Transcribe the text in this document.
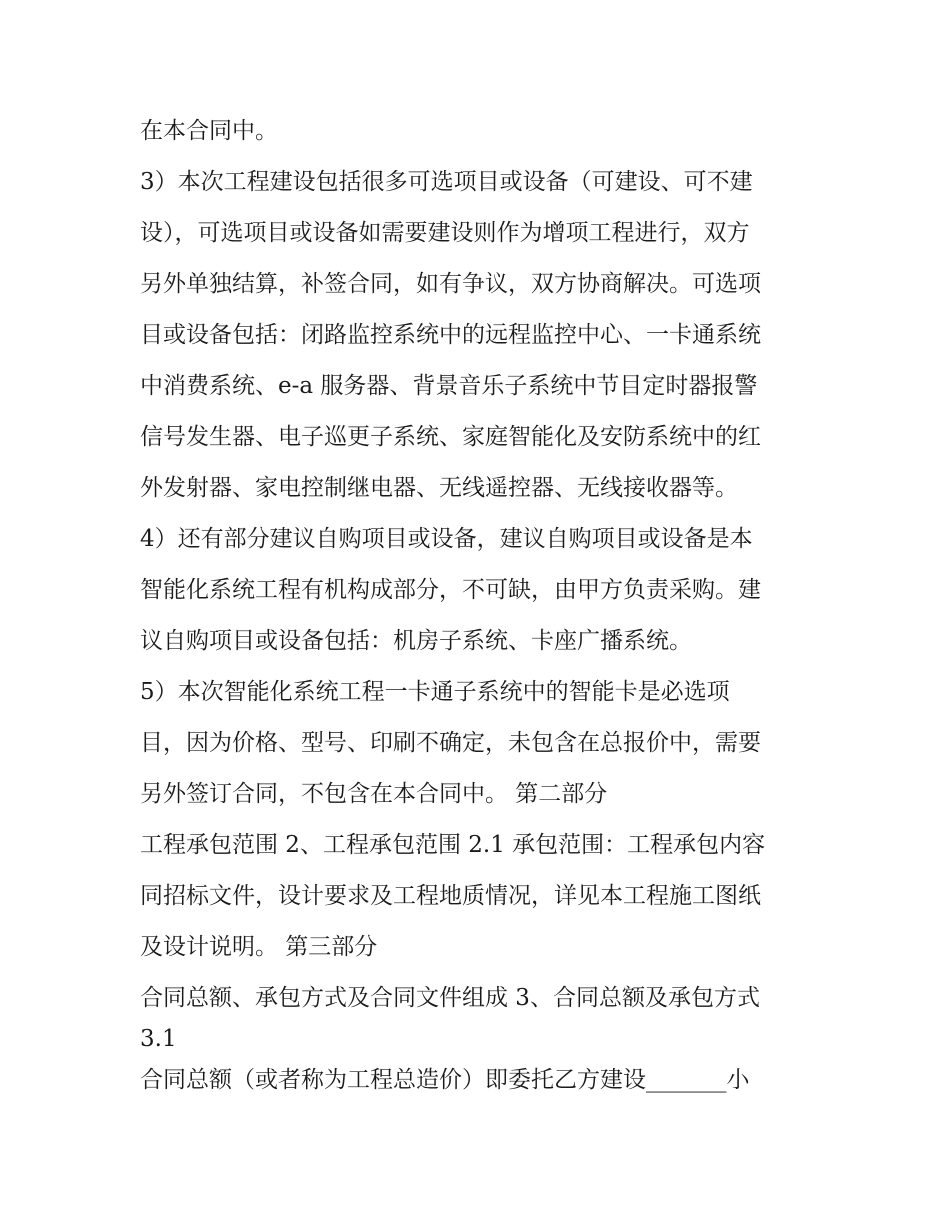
在本合同中。
3）本次工程建设包括很多可选项目或设备（可建设、可不建
设），可选项目或设备如需要建设则作为增项工程进行，双方
另外单独结算，补签合同，如有争议，双方协商解决。可选项
目或设备包括：闭路监控系统中的远程监控中心、一卡通系统
中消费系统、e-a 服务器、背景音乐子系统中节目定时器报警
信号发生器、电子巡更子系统、家庭智能化及安防系统中的红
外发射器、家电控制继电器、无线遥控器、无线接收器等。
4）还有部分建议自购项目或设备，建议自购项目或设备是本
智能化系统工程有机构成部分，不可缺，由甲方负责采购。建
议自购项目或设备包括：机房子系统、卡座广播系统。
5）本次智能化系统工程一卡通子系统中的智能卡是必选项
目，因为价格、型号、印刷不确定，未包含在总报价中，需要
另外签订合同，不包含在本合同中。 第二部分
工程承包范围 2、工程承包范围 2.1 承包范围：工程承包内容
同招标文件，设计要求及工程地质情况，详见本工程施工图纸
及设计说明。 第三部分
合同总额、承包方式及合同文件组成 3、合同总额及承包方式
3.1
合同总额（或者称为工程总造价）即委托乙方建设_______小
